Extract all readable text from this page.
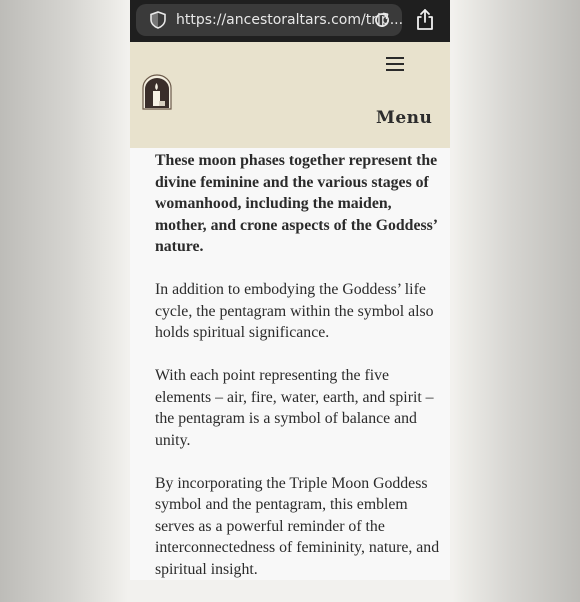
https://ancestoraltars.com/trip...
Menu

These moon phases together represent the divine feminine and the various stages of womanhood, including the maiden, mother, and crone aspects of the Goddess’ nature.

In addition to embodying the Goddess’ life cycle, the pentagram within the symbol also holds spiritual significance.

With each point representing the five elements – air, fire, water, earth, and spirit – the pentagram is a symbol of balance and unity.

By incorporating the Triple Moon Goddess symbol and the pentagram, this emblem serves as a powerful reminder of the interconnectedness of femininity, nature, and spiritual insight.
